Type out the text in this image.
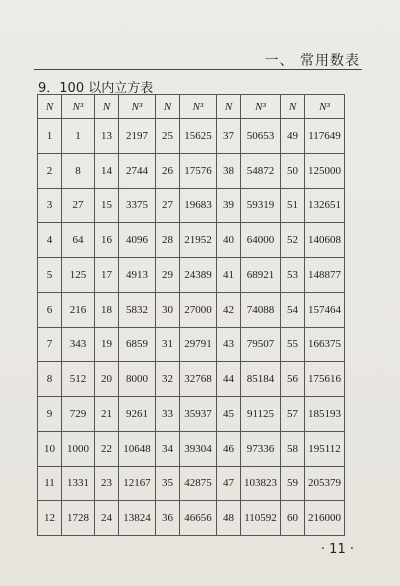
一、 常用数表
9．100 以内立方表
N	N³	N	N³	N	N³	N	N³	N	N³
1	1	13	2197	25	15625	37	50653	49	117649
2	8	14	2744	26	17576	38	54872	50	125000
3	27	15	3375	27	19683	39	59319	51	132651
4	64	16	4096	28	21952	40	64000	52	140608
5	125	17	4913	29	24389	41	68921	53	148877
6	216	18	5832	30	27000	42	74088	54	157464
7	343	19	6859	31	29791	43	79507	55	166375
8	512	20	8000	32	32768	44	85184	56	175616
9	729	21	9261	33	35937	45	91125	57	185193
10	1000	22	10648	34	39304	46	97336	58	195112
11	1331	23	12167	35	42875	47	103823	59	205379
12	1728	24	13824	36	46656	48	110592	60	216000
· 11 ·
